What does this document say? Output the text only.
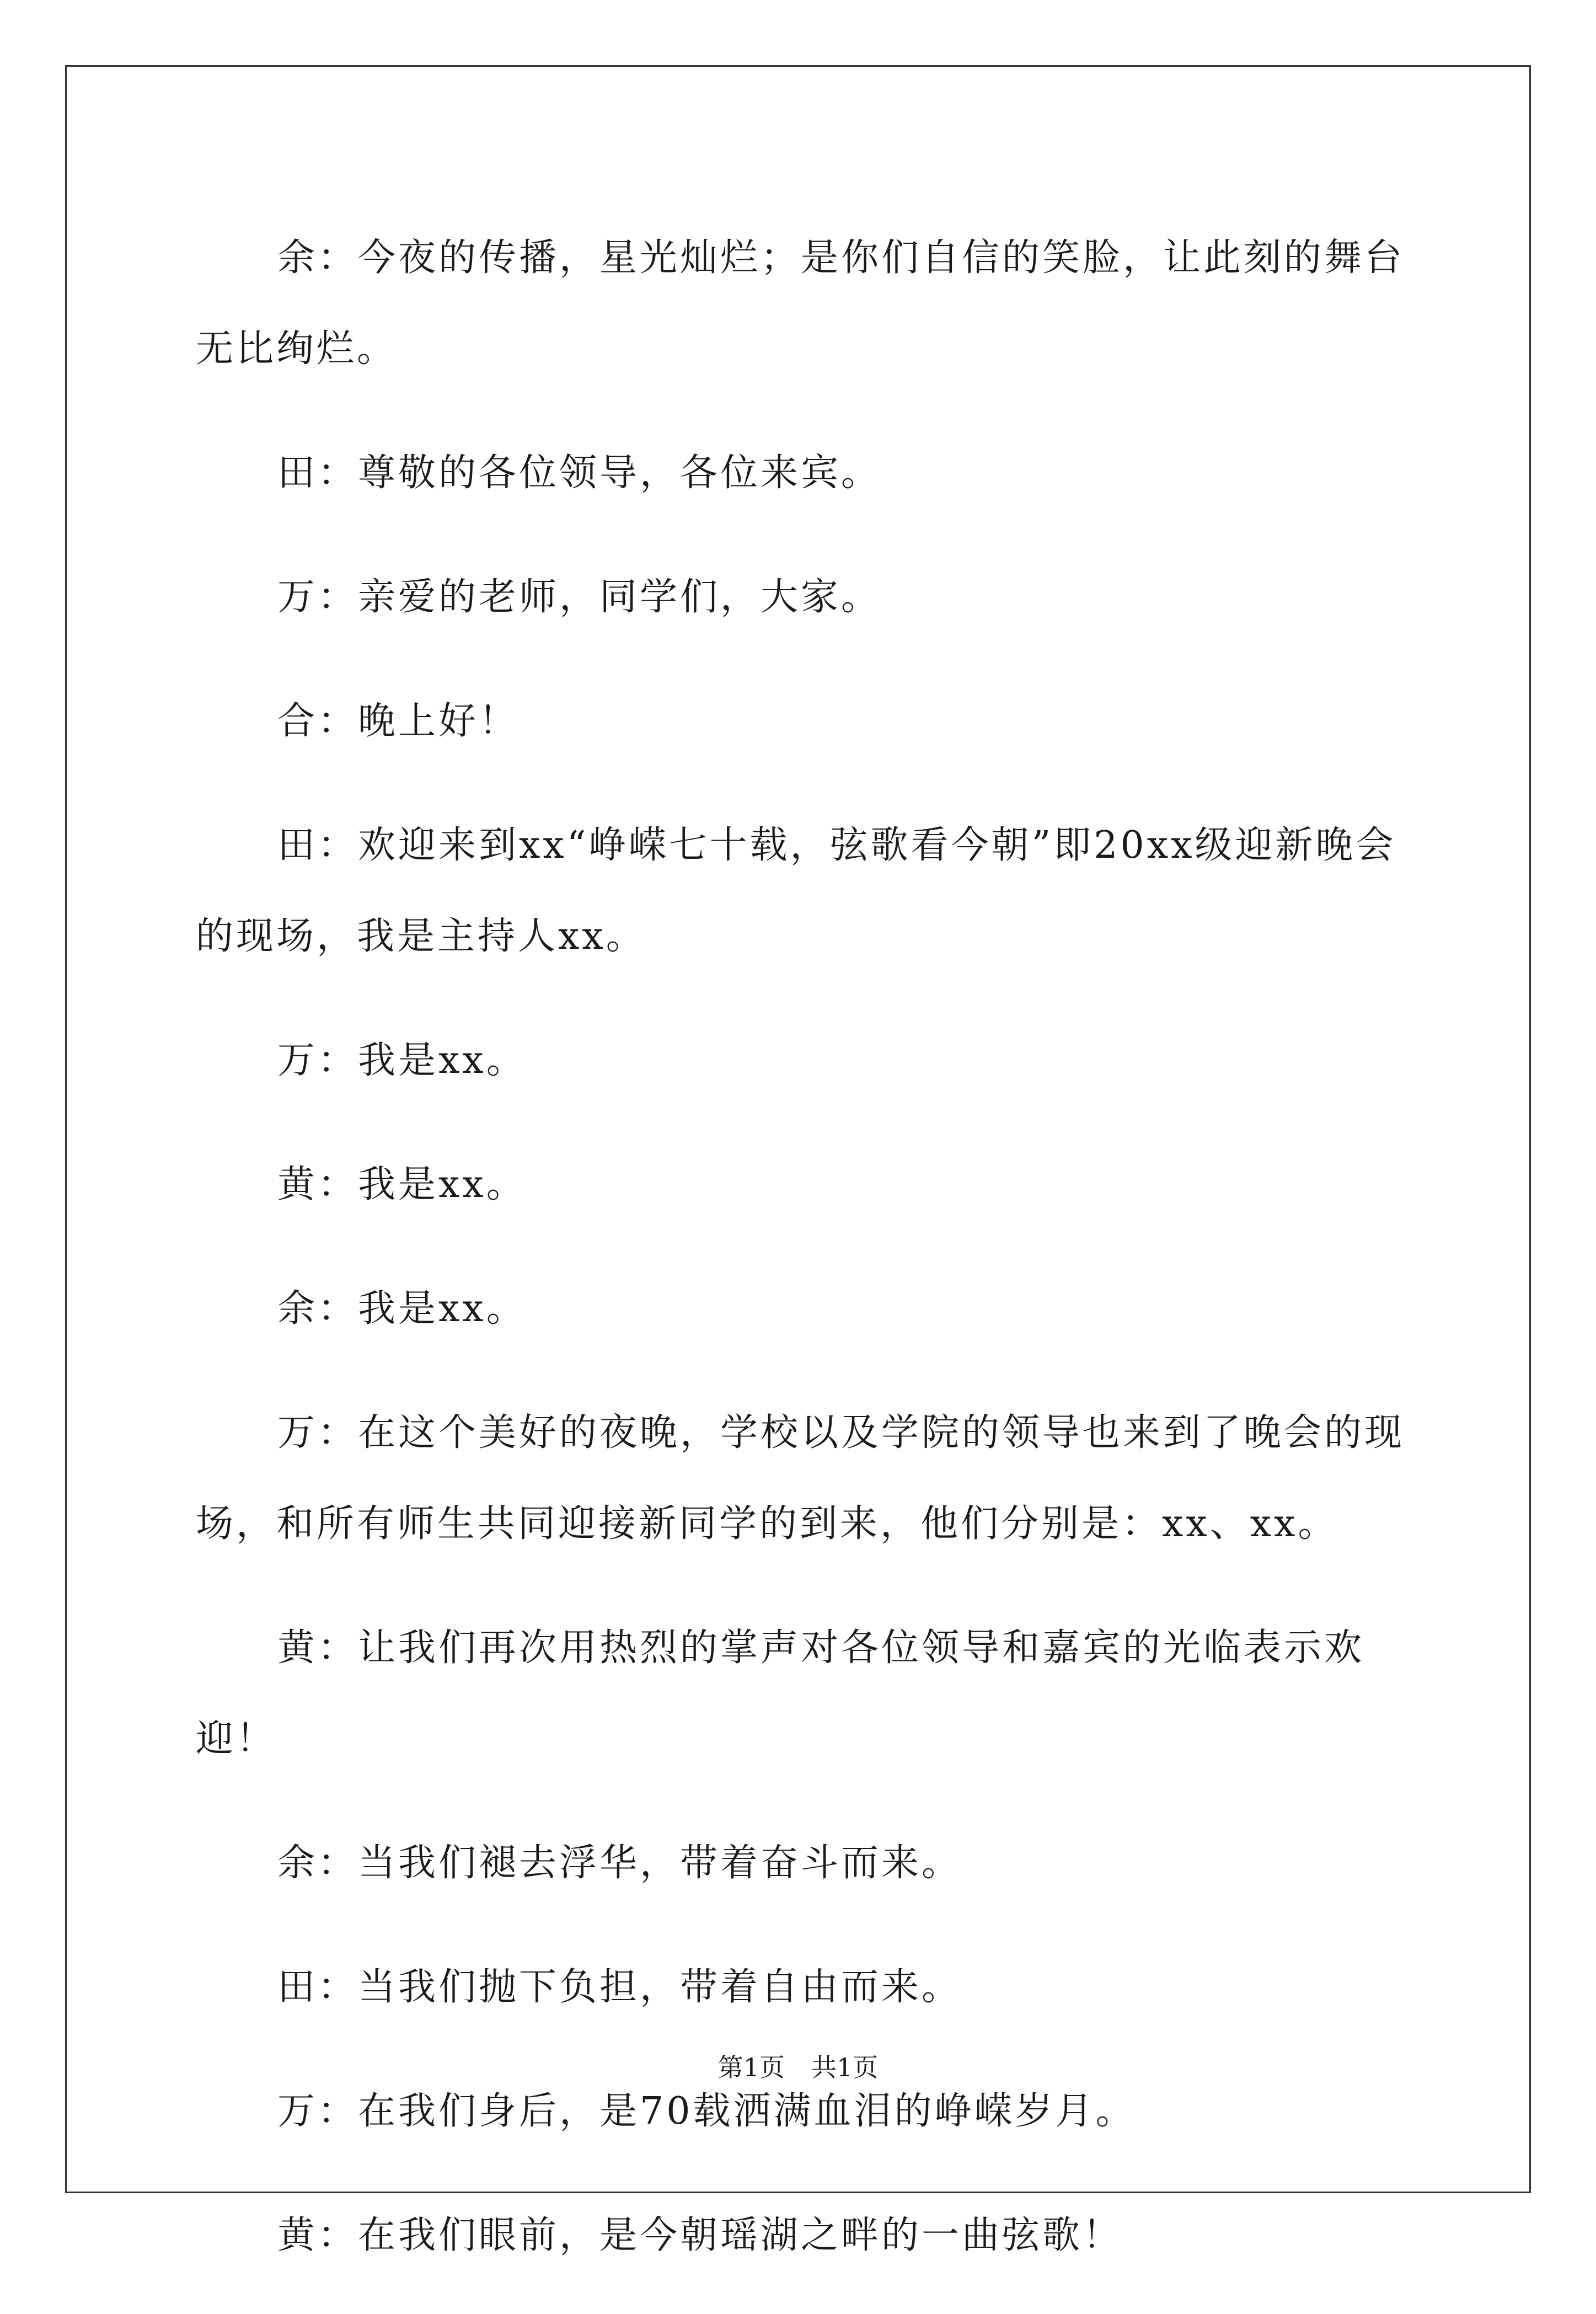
余：今夜的传播，星光灿烂；是你们自信的笑脸，让此刻的舞台无比绚烂。

田：尊敬的各位领导，各位来宾。

万：亲爱的老师，同学们，大家。

合：晚上好！

田：欢迎来到xx“峥嵘七十载，弦歌看今朝”即20xx级迎新晚会的现场，我是主持人xx。

万：我是xx。

黄：我是xx。

余：我是xx。

万：在这个美好的夜晚，学校以及学院的领导也来到了晚会的现场，和所有师生共同迎接新同学的到来，他们分别是：xx、xx。

黄：让我们再次用热烈的掌声对各位领导和嘉宾的光临表示欢迎！

余：当我们褪去浮华，带着奋斗而来。

田：当我们抛下负担，带着自由而来。

万：在我们身后，是70载洒满血泪的峥嵘岁月。

黄：在我们眼前，是今朝瑶湖之畔的一曲弦歌！

第1页 共1页
